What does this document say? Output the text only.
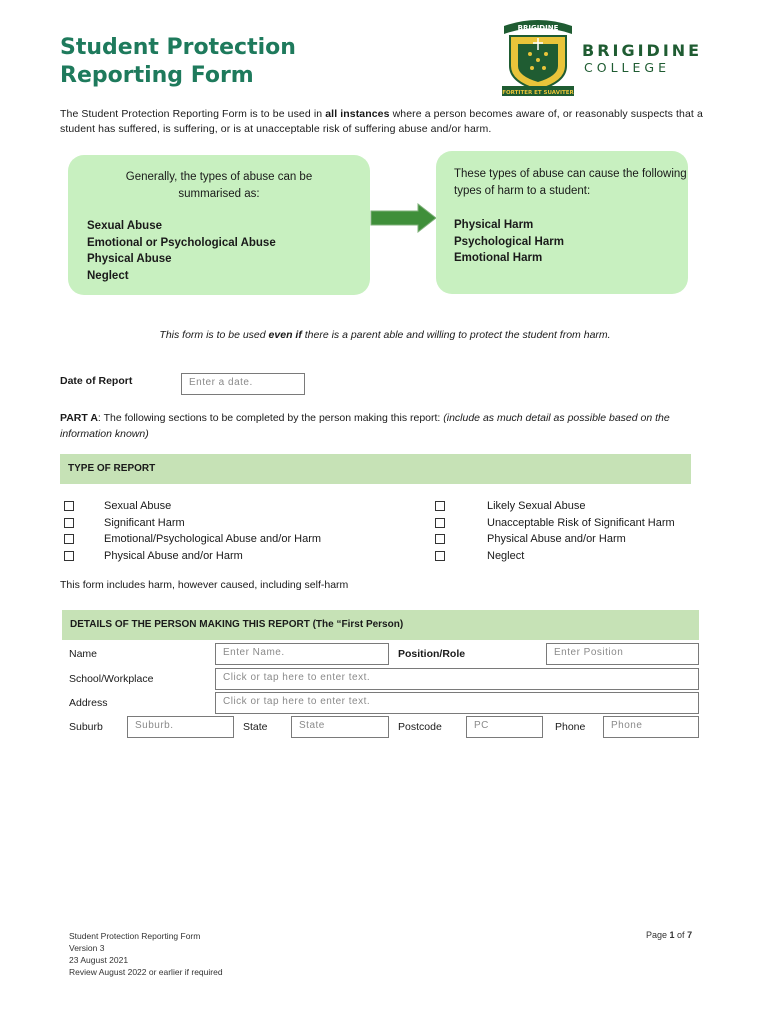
Student Protection
Reporting Form
BRIGIDINE
FORTITER ET SUAVITER
BRIGIDINE
COLLEGE
The Student Protection Reporting Form is to be used in all instances where a person becomes aware of, or reasonably suspects that a student has suffered, is suffering, or is at unacceptable risk of suffering abuse and/or harm.
Generally, the types of abuse can be summarised as:
Sexual Abuse
Emotional or Psychological Abuse
Physical Abuse
Neglect
These types of abuse can cause the following types of harm to a student:
Physical Harm
Psychological Harm
Emotional Harm
This form is to be used even if there is a parent able and willing to protect the student from harm.
Date of Report	Enter a date.
PART A: The following sections to be completed by the person making this report: (include as much detail as possible based on the information known)
TYPE OF REPORT
Sexual Abuse
Significant Harm
Emotional/Psychological Abuse and/or Harm
Physical Abuse and/or Harm
Likely Sexual Abuse
Unacceptable Risk of Significant Harm
Physical Abuse and/or Harm
Neglect
This form includes harm, however caused, including self-harm
DETAILS OF THE PERSON MAKING THIS REPORT (The “First Person)
Name	Enter Name.	Position/Role	Enter Position
School/Workplace	Click or tap here to enter text.
Address	Click or tap here to enter text.
Suburb	Suburb.	State	State	Postcode	PC	Phone	Phone
Student Protection Reporting Form
Version 3
23 August 2021
Review August 2022 or earlier if required
Page 1 of 7
